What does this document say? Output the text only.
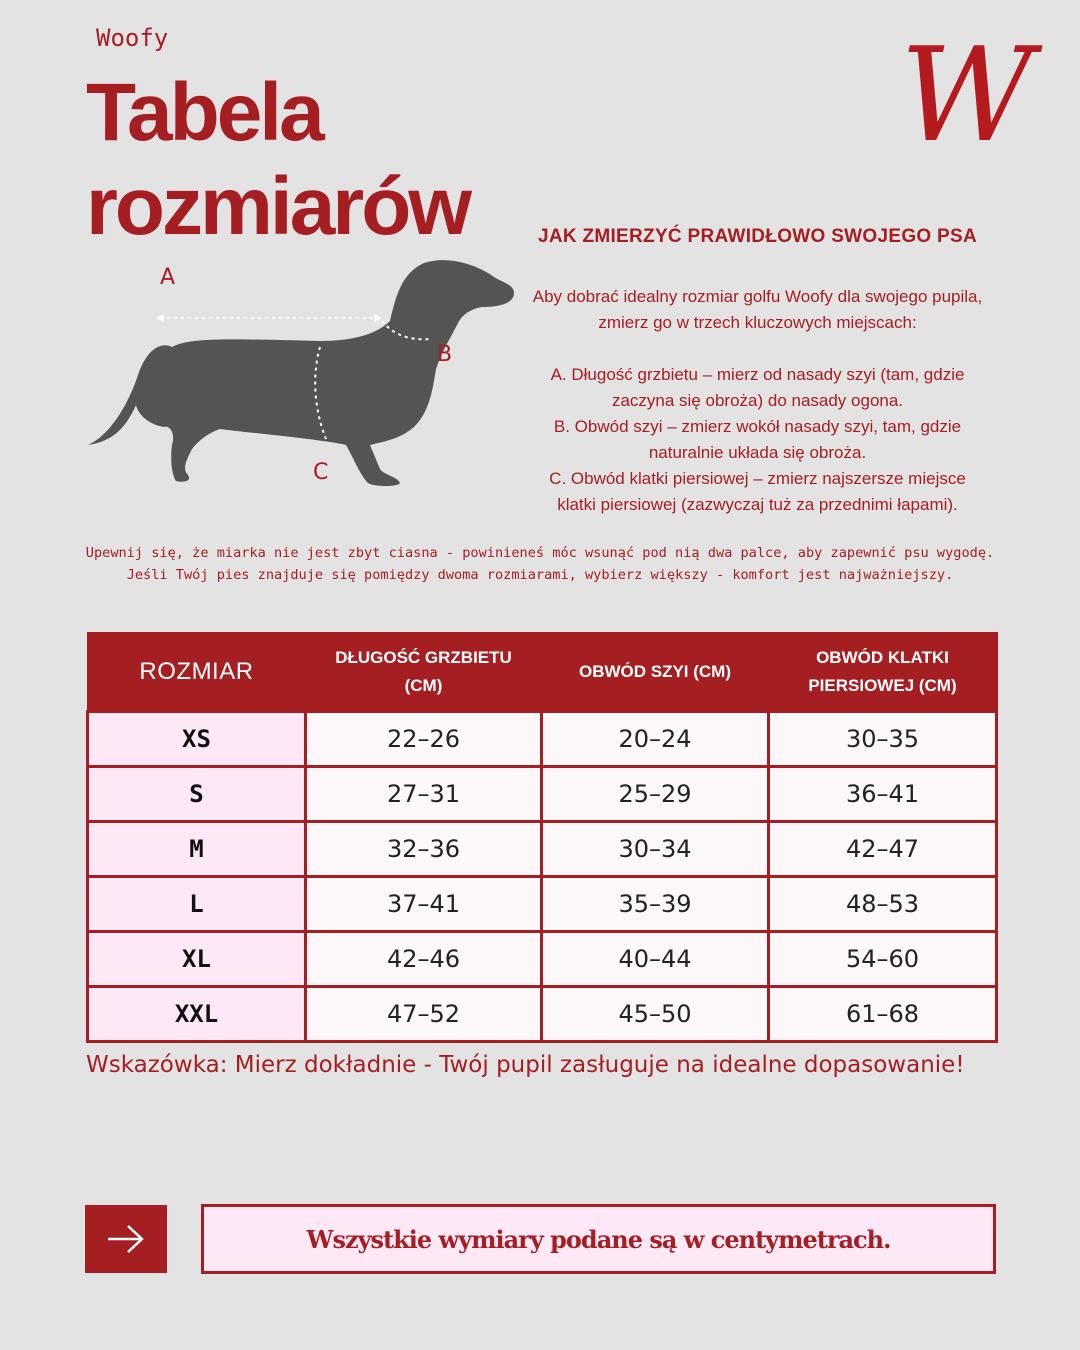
Woofy
Tabela
rozmiarów
W
A
B
C
JAK ZMIERZYĆ PRAWIDŁOWO SWOJEGO PSA

Aby dobrać idealny rozmiar golfu Woofy dla swojego pupila, zmierz go w trzech kluczowych miejscach:

A. Długość grzbietu – mierz od nasady szyi (tam, gdzie zaczyna się obroża) do nasady ogona.

B. Obwód szyi – zmierz wokół nasady szyi, tam, gdzie naturalnie układa się obroża.

C. Obwód klatki piersiowej – zmierz najszersze miejsce klatki piersiowej (zazwyczaj tuż za przednimi łapami).

Upewnij się, że miarka nie jest zbyt ciasna - powinieneś móc wsunąć pod nią dwa palce, aby zapewnić psu wygodę.

Jeśli Twój pies znajduje się pomiędzy dwoma rozmiarami, wybierz większy - komfort jest najważniejszy.

ROZMIAR	DŁUGOŚĆ GRZBIETU (CM)	OBWÓD SZYI (CM)	OBWÓD KLATKI PIERSIOWEJ (CM)
XS	22–26	20–24	30–35
S	27–31	25–29	36–41
M	32–36	30–34	42–47
L	37–41	35–39	48–53
XL	42–46	40–44	54–60
XXL	47–52	45–50	61–68
Wskazówka: Mierz dokładnie - Twój pupil zasługuje na idealne dopasowanie!
Wszystkie wymiary podane są w centymetrach.
